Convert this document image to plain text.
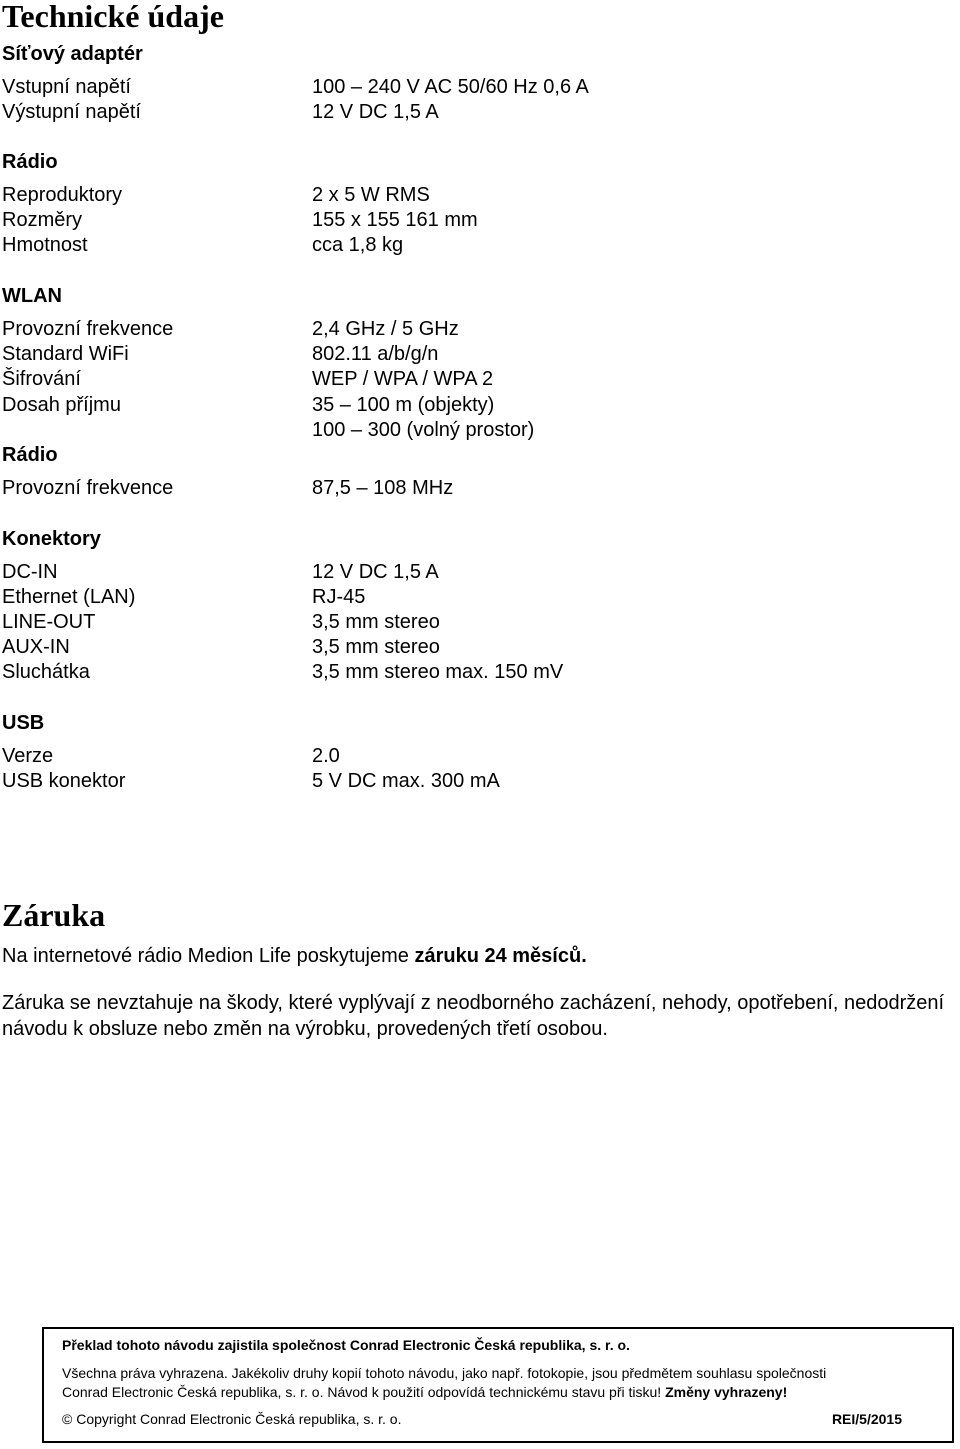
Technické údaje
Síťový adaptér
Vstupní napětí	100 – 240 V AC 50/60 Hz 0,6 A
Výstupní napětí	12 V DC 1,5 A
Rádio
Reproduktory	2 x 5 W RMS
Rozměry	155 x 155 161 mm
Hmotnost	cca 1,8 kg
WLAN
Provozní frekvence	2,4 GHz / 5 GHz
Standard WiFi	802.11 a/b/g/n
Šifrování	WEP / WPA / WPA 2
Dosah příjmu	35 – 100 m (objekty)
100 – 300 (volný prostor)
Rádio
Provozní frekvence	87,5 – 108 MHz
Konektory
DC-IN	12 V DC 1,5 A
Ethernet (LAN)	RJ-45
LINE-OUT	3,5 mm stereo
AUX-IN	3,5 mm stereo
Sluchátka	3,5 mm stereo max. 150 mV
USB
Verze	2.0
USB konektor	5 V DC max. 300 mA
Záruka

Na internetové rádio Medion Life poskytujeme záruku 24 měsíců.

Záruka se nevztahuje na škody, které vyplývají z neodborného zacházení, nehody, opotřebení, nedodržení návodu k obsluze nebo změn na výrobku, provedených třetí osobou.

Překlad tohoto návodu zajistila společnost Conrad Electronic Česká republika, s. r. o.
Všechna práva vyhrazena. Jakékoliv druhy kopií tohoto návodu, jako např. fotokopie, jsou předmětem souhlasu společnosti
Conrad Electronic Česká republika, s. r. o. Návod k použití odpovídá technickému stavu při tisku! Změny vyhrazeny!
© Copyright Conrad Electronic Česká republika, s. r. o.	REI/5/2015
